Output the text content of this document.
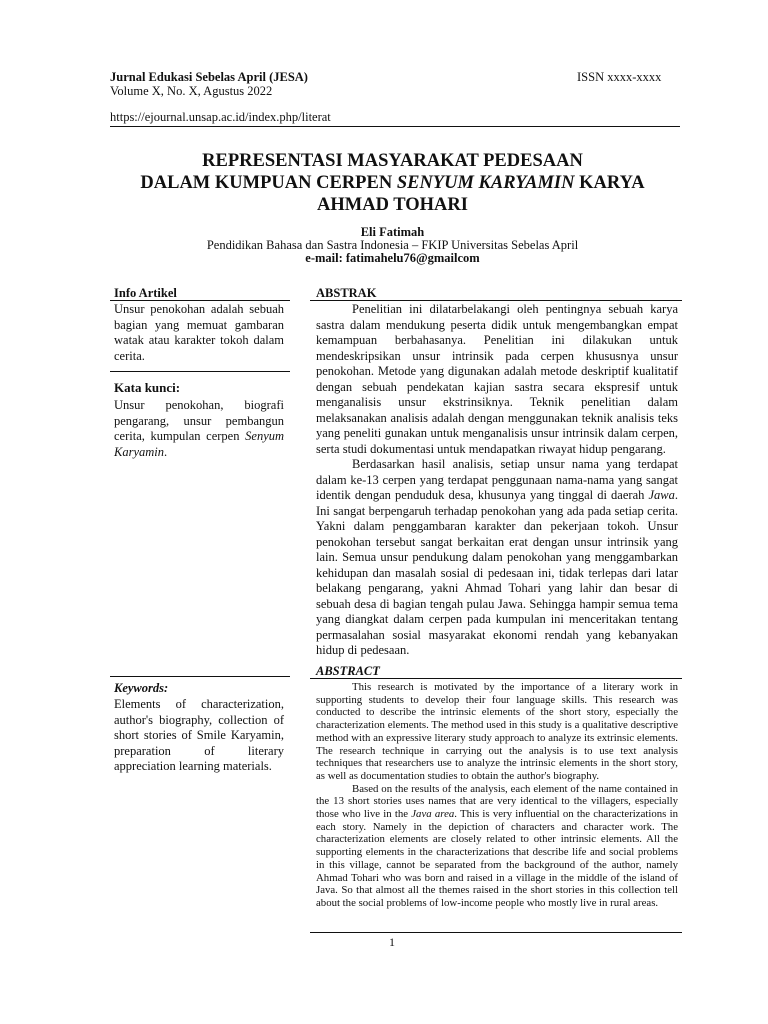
Jurnal Edukasi Sebelas April (JESA)	ISSN xxxx-xxxx
Volume X, No. X, Agustus 2022
https://ejournal.unsap.ac.id/index.php/literat
REPRESENTASI MASYARAKAT PEDESAAN
DALAM KUMPUAN CERPEN SENYUM KARYAMIN KARYA
AHMAD TOHARI
Eli Fatimah
Pendidikan Bahasa dan Sastra Indonesia – FKIP Universitas Sebelas April
e-mail: fatimahelu76@gmailcom
Info Artikel
Unsur penokohan adalah sebuah bagian yang memuat gambaran watak atau karakter tokoh dalam cerita.
Kata kunci:
Unsur penokohan, biografi pengarang, unsur pembangun cerita, kumpulan cerpen Senyum Karyamin.
Keywords:
Elements of characterization, author's biography, collection of short stories of Smile Karyamin, preparation of literary appreciation learning materials.
ABSTRAK

Penelitian ini dilatarbelakangi oleh pentingnya sebuah karya sastra dalam mendukung peserta didik untuk mengembangkan empat kemampuan berbahasanya. Penelitian ini dilakukan untuk mendeskripsikan unsur intrinsik pada cerpen khususnya unsur penokohan. Metode yang digunakan adalah metode deskriptif kualitatif dengan sebuah pendekatan kajian sastra secara ekspresif untuk menganalisis unsur ekstrinsiknya. Teknik penelitian dalam melaksanakan analisis adalah dengan menggunakan teknik analisis teks yang peneliti gunakan untuk menganalisis unsur intrinsik dalam cerpen, serta studi dokumentasi untuk mendapatkan riwayat hidup pengarang.

Berdasarkan hasil analisis, setiap unsur nama yang terdapat dalam ke-13 cerpen yang terdapat penggunaan nama-nama yang sangat identik dengan penduduk desa, khusunya yang tinggal di daerah Jawa. Ini sangat berpengaruh terhadap penokohan yang ada pada setiap cerita. Yakni dalam penggambaran karakter dan pekerjaan tokoh. Unsur penokohan tersebut sangat berkaitan erat dengan unsur intrinsik yang lain. Semua unsur pendukung dalam penokohan yang menggambarkan kehidupan dan masalah sosial di pedesaan ini, tidak terlepas dari latar belakang pengarang, yakni Ahmad Tohari yang lahir dan besar di sebuah desa di bagian tengah pulau Jawa. Sehingga hampir semua tema yang diangkat dalam cerpen pada kumpulan ini menceritakan tentang permasalahan sosial masyarakat ekonomi rendah yang kebanyakan hidup di pedesaan.

ABSTRACT

This research is motivated by the importance of a literary work in supporting students to develop their four language skills. This research was conducted to describe the intrinsic elements of the short story, especially the characterization elements. The method used in this study is a qualitative descriptive method with an expressive literary study approach to analyze its extrinsic elements. The research technique in carrying out the analysis is to use text analysis techniques that researchers use to analyze the intrinsic elements in the short story, as well as documentation studies to obtain the author's biography.

Based on the results of the analysis, each element of the name contained in the 13 short stories uses names that are very identical to the villagers, especially those who live in the Java area. This is very influential on the characterizations in each story. Namely in the depiction of characters and character work. The characterization elements are closely related to other intrinsic elements. All the supporting elements in the characterizations that describe life and social problems in this village, cannot be separated from the background of the author, namely Ahmad Tohari who was born and raised in a village in the middle of the island of Java. So that almost all the themes raised in the short stories in this collection tell about the social problems of low-income people who mostly live in rural areas.

1
